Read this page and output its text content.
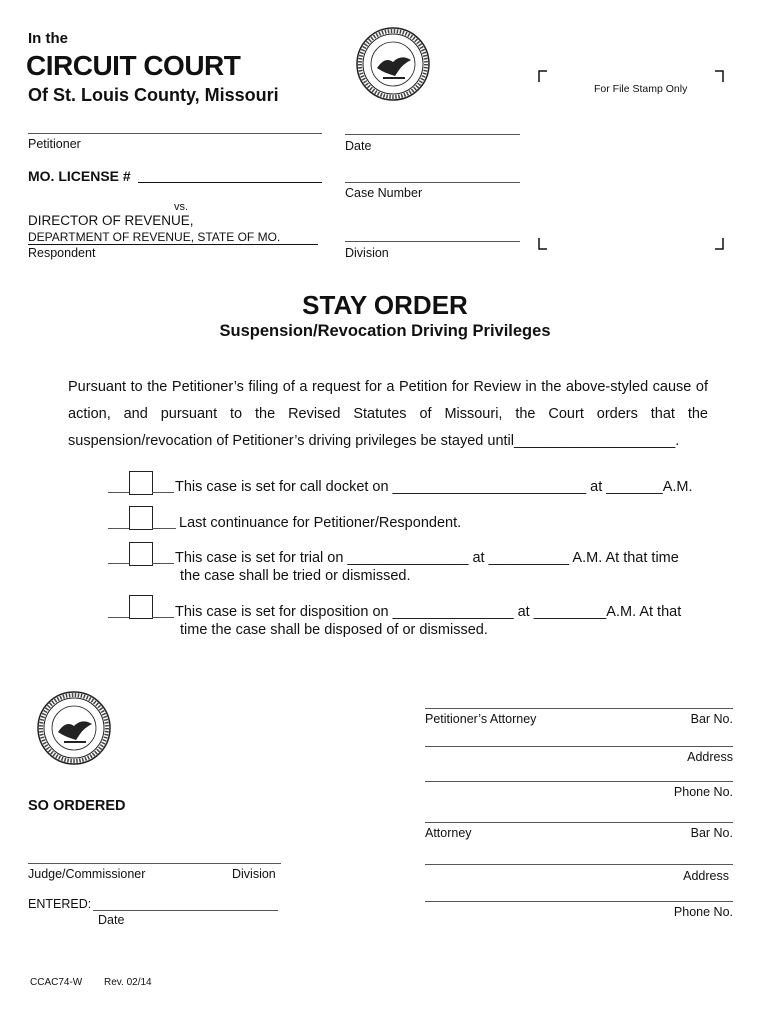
In the
CIRCUIT COURT
Of St. Louis County, Missouri	For File Stamp Only
Petitioner
MO. LICENSE #
vs.
DIRECTOR OF REVENUE,
DEPARTMENT OF REVENUE, STATE OF MO.
Respondent
Date
Case Number
Division
STAY ORDER
Suspension/Revocation Driving Privileges
Pursuant to the Petitioner’s filing of a request for a Petition for Review in the above-styled cause of action, and pursuant to the Revised Statutes of Missouri, the Court orders that the suspension/revocation of Petitioner’s driving privileges be stayed until____________________.
This case is set for call docket on ________________________ at _______A.M.
Last continuance for Petitioner/Respondent.
This case is set for trial on _______________ at __________ A.M. At that time
the case shall be tried or dismissed.
This case is set for disposition on _______________ at _________A.M. At that
time the case shall be disposed of or dismissed.
Petitioner’s Attorney	Bar No.
Address
Phone No.
Attorney	Bar No.
Address
Phone No.
SO ORDERED
Judge/Commissioner	Division
ENTERED:
Date
CCAC74-W Rev. 02/14
